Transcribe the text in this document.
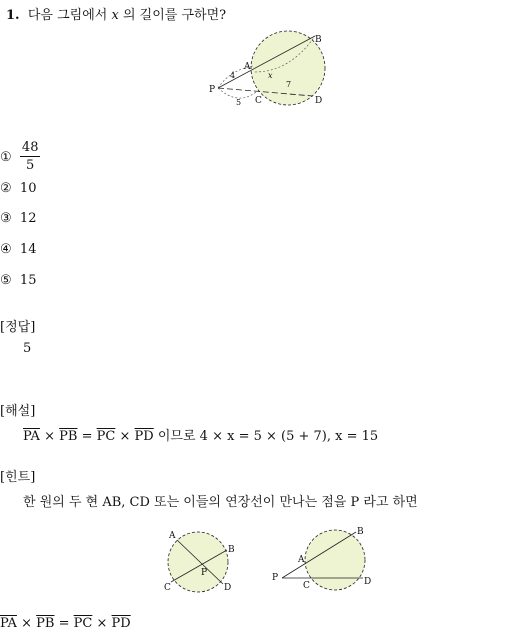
1. 다음 그림에서 x 의 길이를 구하면?
B
A
P
C	D
4	x
7
5
① $\frac{48}{5}$
② 10
③ 12
④ 14
⑤ 15
[정답]
5
[해설]
$\overline{PA} \times \overline{PB} = \overline{PC} \times \overline{PD}$ 이므로 4 × x = 5 × (5 + 7), x = 15
[힌트]
한 원의 두 현 AB, CD 또는 이들의 연장선이 만나는 점을 P 라고 하면
A
B
C	D
P
A
B
C	D
P
$\overline{PA} \times \overline{PB} = \overline{PC} \times \overline{PD}$
